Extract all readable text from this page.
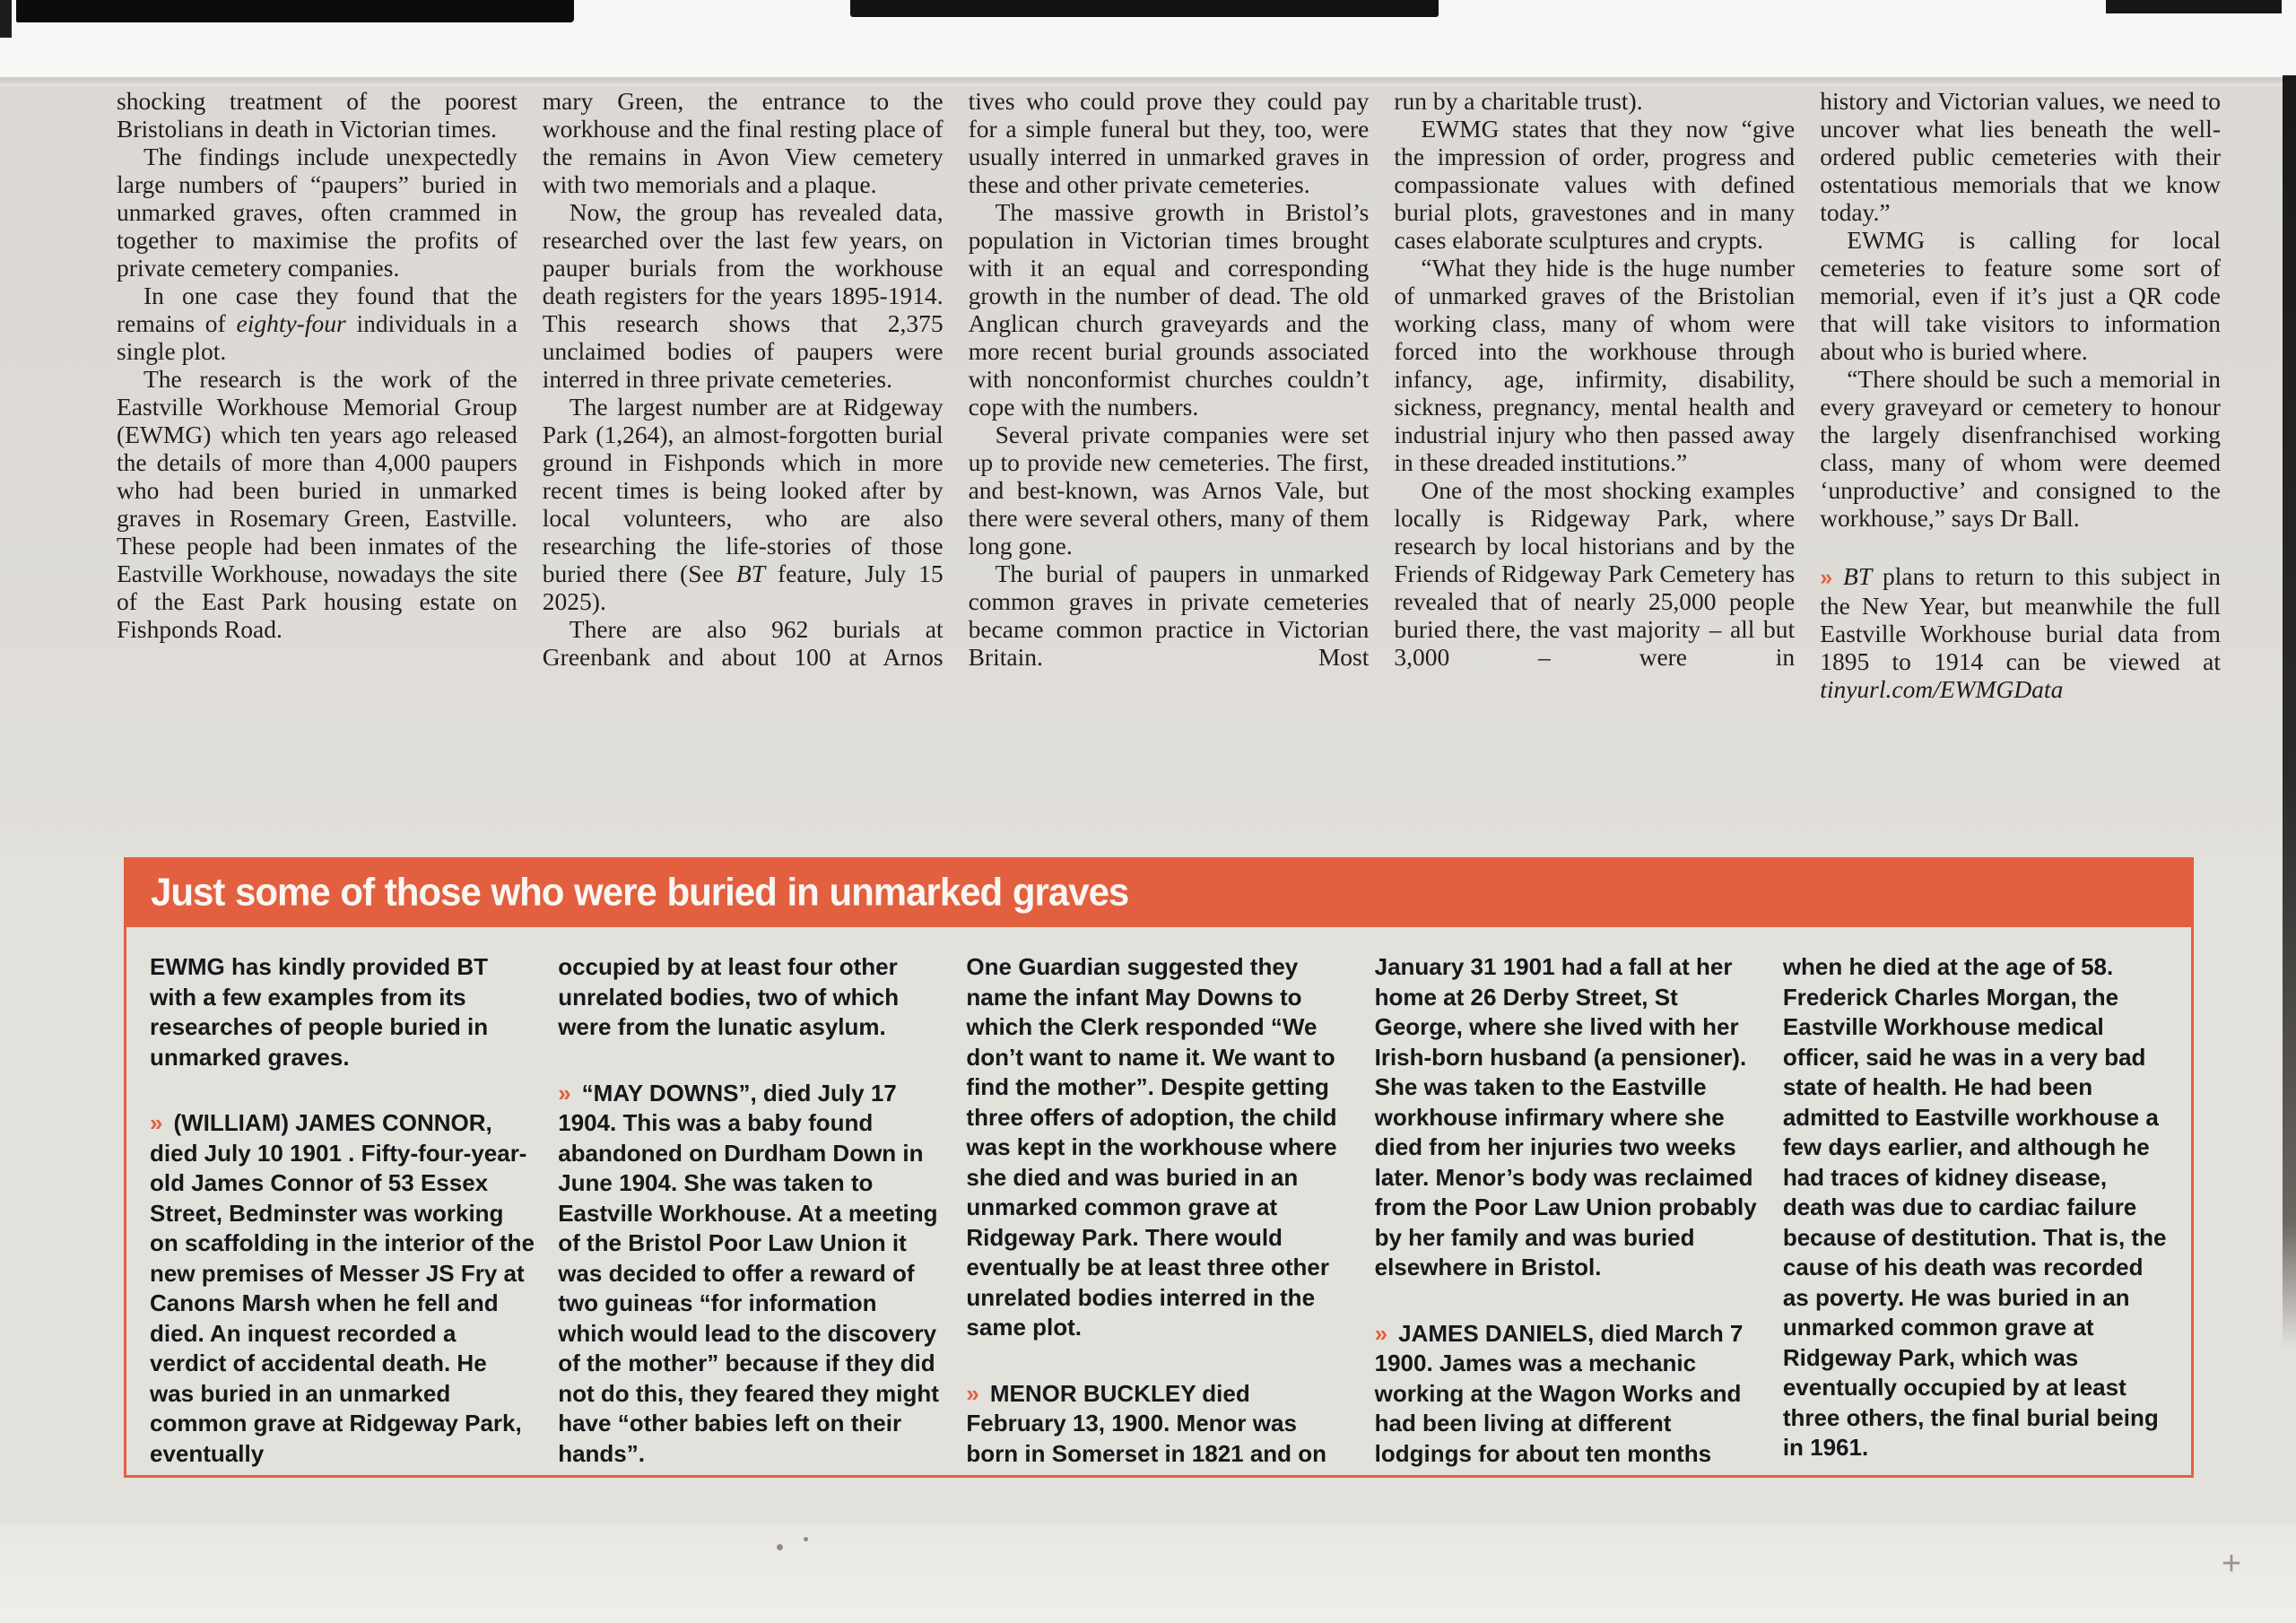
+

shocking treatment of the poorest Bristolians in death in Victorian times.

The findings include unexpectedly large numbers of “paupers” buried in unmarked graves, often crammed in together to maximise the profits of private cemetery companies.

In one case they found that the remains of eighty-four individuals in a single plot.

The research is the work of the Eastville Workhouse Memorial Group (EWMG) which ten years ago released the details of more than 4,000 paupers who had been buried in unmarked graves in Rosemary Green, Eastville. These people had been inmates of the Eastville Workhouse, nowadays the site of the East Park housing estate on Fishponds Road.

mary Green, the entrance to the workhouse and the final resting place of the remains in Avon View cemetery with two memorials and a plaque.

Now, the group has revealed data, researched over the last few years, on pauper burials from the workhouse death registers for the years 1895-1914. This research shows that 2,375 unclaimed bodies of paupers were interred in three private cemeteries.

The largest number are at Ridgeway Park (1,264), an almost-forgotten burial ground in Fishponds which in more recent times is being looked after by local volunteers, who are also researching the life-stories of those buried there (See BT feature, July 15 2025).

There are also 962 burials at Greenbank and about 100 at Arnos

tives who could prove they could pay for a simple funeral but they, too, were usually interred in unmarked graves in these and other private cemeteries.

The massive growth in Bristol’s population in Victorian times brought with it an equal and corresponding growth in the number of dead. The old Anglican church graveyards and the more recent burial grounds associated with nonconformist churches couldn’t cope with the numbers.

Several private companies were set up to provide new cemeteries. The first, and best-known, was Arnos Vale, but there were several others, many of them long gone.

The burial of paupers in unmarked common graves in private cemeteries became common practice in Victorian Britain. Most

run by a charitable trust).

EWMG states that they now “give the impression of order, progress and compassionate values with defined burial plots, gravestones and in many cases elaborate sculptures and crypts.

“What they hide is the huge number of unmarked graves of the Bristolian working class, many of whom were forced into the workhouse through infancy, age, infirmity, disability, sickness, pregnancy, mental health and industrial injury who then passed away in these dreaded institutions.”

One of the most shocking examples locally is Ridgeway Park, where research by local historians and by the Friends of Ridgeway Park Cemetery has revealed that of nearly 25,000 people buried there, the vast majority – all but 3,000 – were in

history and Victorian values, we need to uncover what lies beneath the well-ordered public cemeteries with their ostentatious memorials that we know today.”

EWMG is calling for local cemeteries to feature some sort of memorial, even if it’s just a QR code that will take visitors to information about who is buried where.

“There should be such a memorial in every graveyard or cemetery to honour the largely disenfranchised working class, many of whom were deemed ‘unproductive’ and consigned to the workhouse,” says Dr Ball.

» BT plans to return to this subject in the New Year, but meanwhile the full Eastville Workhouse burial data from 1895 to 1914 can be viewed at tinyurl.com/EWMGData

Just some of those who were buried in unmarked graves

EWMG has kindly provided BT with a few examples from its researches of people buried in unmarked graves.

» (WILLIAM) JAMES CONNOR, died July 10 1901 . Fifty-four-year-old James Connor of 53 Essex Street, Bedminster was working on scaffolding in the interior of the new premises of Messer JS Fry at Canons Marsh when he fell and died. An inquest recorded a verdict of accidental death. He was buried in an unmarked common grave at Ridgeway Park, eventually

occupied by at least four other unrelated bodies, two of which were from the lunatic asylum.

» “MAY DOWNS”, died July 17 1904. This was a baby found abandoned on Durdham Down in June 1904. She was taken to Eastville Workhouse. At a meeting of the Bristol Poor Law Union it was decided to offer a reward of two guineas “for information which would lead to the discovery of the mother” because if they did not do this, they feared they might have “other babies left on their hands”.

One Guardian suggested they name the infant May Downs to which the Clerk responded “We don’t want to name it. We want to find the mother”. Despite getting three offers of adoption, the child was kept in the workhouse where she died and was buried in an unmarked common grave at Ridgeway Park. There would eventually be at least three other unrelated bodies interred in the same plot.

» MENOR BUCKLEY died February 13, 1900. Menor was born in Somerset in 1821 and on

January 31 1901 had a fall at her home at 26 Derby Street, St George, where she lived with her Irish-born husband (a pensioner). She was taken to the Eastville workhouse infirmary where she died from her injuries two weeks later. Menor’s body was reclaimed from the Poor Law Union probably by her family and was buried elsewhere in Bristol.

» JAMES DANIELS, died March 7 1900. James was a mechanic working at the Wagon Works and had been living at different lodgings for about ten months

when he died at the age of 58. Frederick Charles Morgan, the Eastville Workhouse medical officer, said he was in a very bad state of health. He had been admitted to Eastville workhouse a few days earlier, and although he had traces of kidney disease, death was due to cardiac failure because of destitution. That is, the cause of his death was recorded as poverty. He was buried in an unmarked common grave at Ridgeway Park, which was eventually occupied by at least three others, the final burial being in 1961.
